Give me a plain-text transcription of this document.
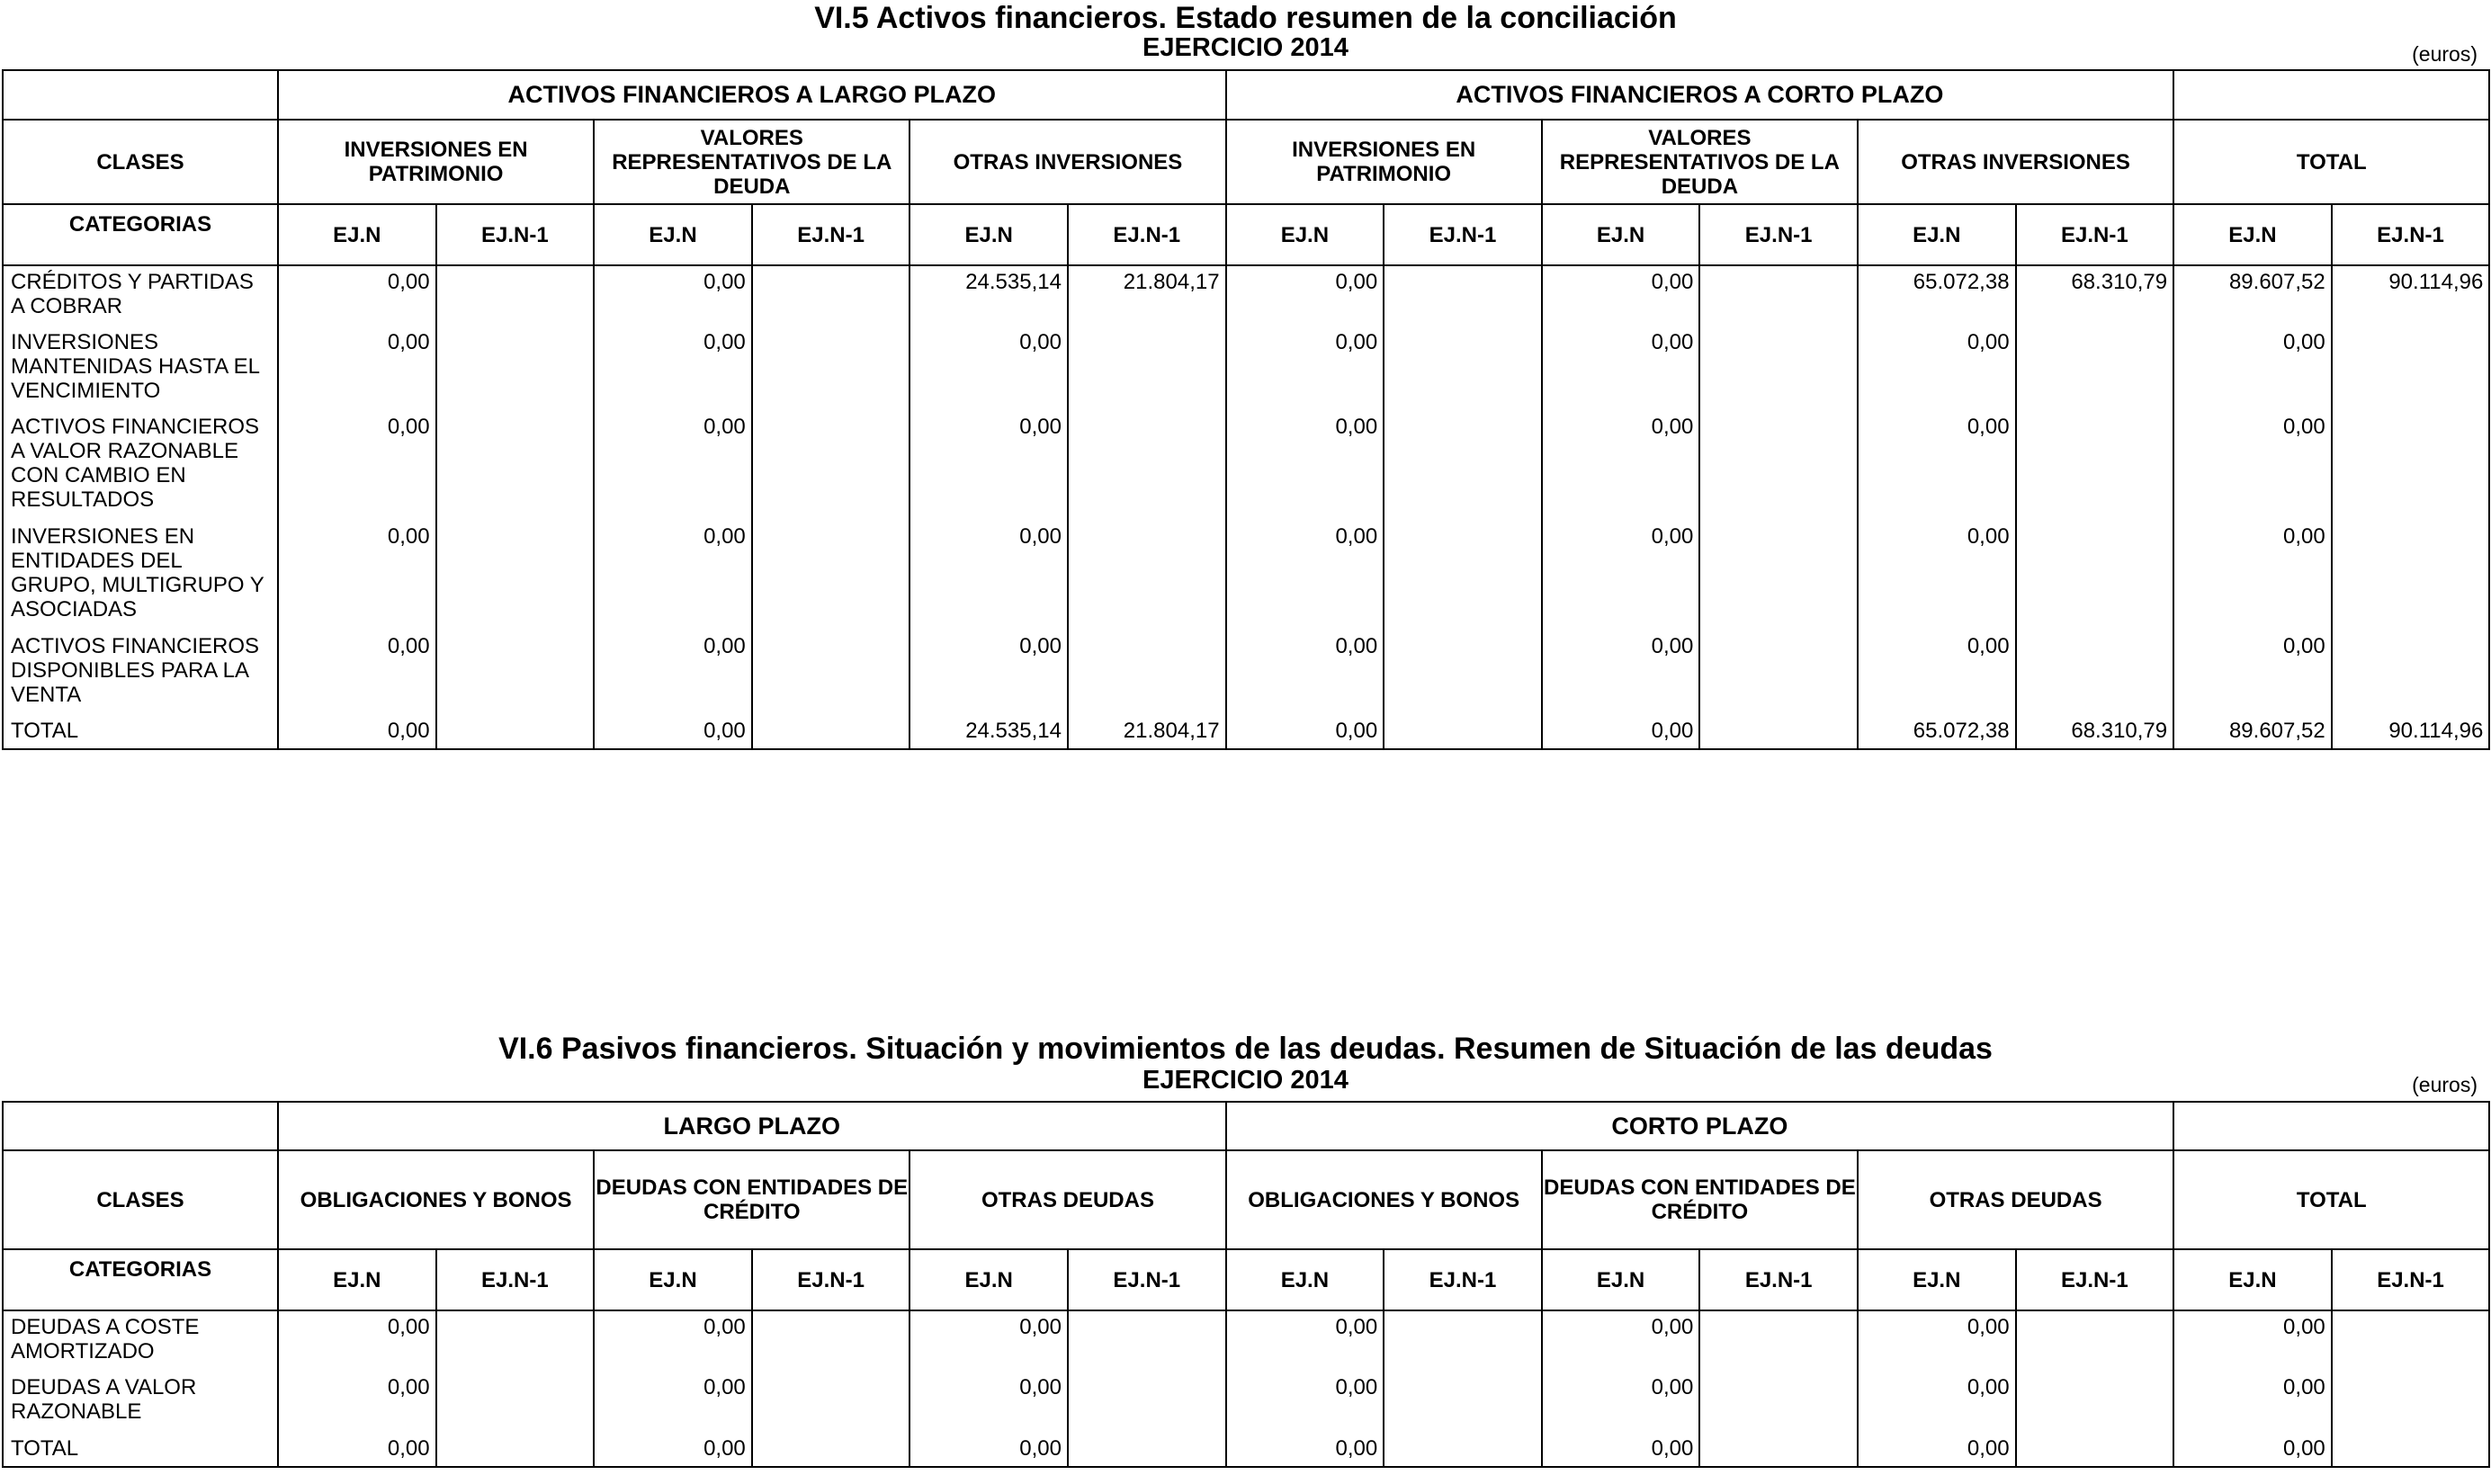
VI.5 Activos financieros. Estado resumen de la conciliación
EJERCICIO 2014	(euros)
	ACTIVOS FINANCIEROS A LARGO PLAZO						ACTIVOS FINANCIEROS A CORTO PLAZO							
CLASES	INVERSIONES EN PATRIMONIO		VALORES REPRESENTATIVOS DE LA DEUDA		OTRAS INVERSIONES		INVERSIONES EN PATRIMONIO		VALORES REPRESENTATIVOS DE LA DEUDA		OTRAS INVERSIONES		TOTAL	
CATEGORIAS	EJ.N	EJ.N-1	EJ.N	EJ.N-1	EJ.N	EJ.N-1	EJ.N	EJ.N-1	EJ.N	EJ.N-1	EJ.N	EJ.N-1	EJ.N	EJ.N-1
CRÉDITOS Y PARTIDAS A COBRAR	0,00		0,00		24.535,14	21.804,17	0,00		0,00		65.072,38	68.310,79	89.607,52	90.114,96
INVERSIONES MANTENIDAS HASTA EL VENCIMIENTO	0,00		0,00		0,00		0,00		0,00		0,00		0,00	
ACTIVOS FINANCIEROS A VALOR RAZONABLE CON CAMBIO EN RESULTADOS	0,00		0,00		0,00		0,00		0,00		0,00		0,00	
INVERSIONES EN ENTIDADES DEL GRUPO, MULTIGRUPO Y ASOCIADAS	0,00		0,00		0,00		0,00		0,00		0,00		0,00	
ACTIVOS FINANCIEROS DISPONIBLES PARA LA VENTA	0,00		0,00		0,00		0,00		0,00		0,00		0,00	
TOTAL	0,00		0,00		24.535,14	21.804,17	0,00		0,00		65.072,38	68.310,79	89.607,52	90.114,96
VI.6 Pasivos financieros. Situación y movimientos de las deudas. Resumen de Situación de las deudas
EJERCICIO 2014	(euros)
	LARGO PLAZO						CORTO PLAZO							
CLASES	OBLIGACIONES Y BONOS		DEUDAS CON ENTIDADES DE CRÉDITO		OTRAS DEUDAS		OBLIGACIONES Y BONOS		DEUDAS CON ENTIDADES DE CRÉDITO		OTRAS DEUDAS		TOTAL	
CATEGORIAS	EJ.N	EJ.N-1	EJ.N	EJ.N-1	EJ.N	EJ.N-1	EJ.N	EJ.N-1	EJ.N	EJ.N-1	EJ.N	EJ.N-1	EJ.N	EJ.N-1
DEUDAS A COSTE AMORTIZADO	0,00		0,00		0,00		0,00		0,00		0,00		0,00	
DEUDAS A VALOR RAZONABLE	0,00		0,00		0,00		0,00		0,00		0,00		0,00	
TOTAL	0,00		0,00		0,00		0,00		0,00		0,00		0,00	
